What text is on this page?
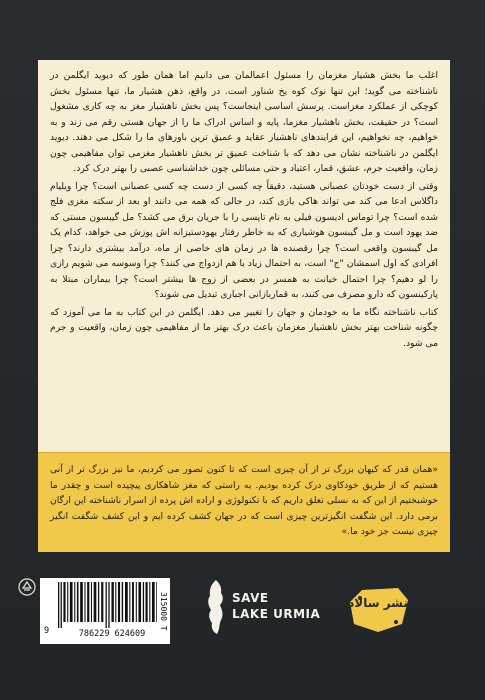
اغلب ما بخش هشیار مغزمان را مسئول اعمالمان می دانیم اما همان طور که دیوید ایگلمن در ناشناخته می گوید؛ این تنها نوک کوه یخ شناور است. در واقع، ذهن هشیار ما، تنها مسئول بخش کوچکی از عملکرد مغزاست. پرسش اساسی اینجاست؟ پس بخش ناهشیار مغز به چه کاری مشغول است؟ در حقیقت، بخش ناهشیار مغزما، پایه و اساس ادراک ما را از جهان هستی رقم می زند و به خواهیم، چه نخواهیم، این فرایندهای ناهشیار عقاید و عمیق ترین باورهای ما را شکل می دهند. دیوید ایگلمن در ناشناخته نشان می دهد که با شناخت عمیق تر بخش ناهشیار مغزمی توان مفاهیمی چون زمان، واقعیت جرم، عشق، قمار، اعتیاد و حتی مسائلی چون خداشناسی عصبی را بهتر درک کرد.

وقتی از دست خودتان عصبانی هستید، دقیقاً چه کسی از دست چه کسی عصبانی است؟ چرا ویلیام داگلاس ادعا می کند می تواند هاکی بازی کند، در حالی که همه می دانند او بعد از سکته مغزی فلج شده است؟ چرا توماس ادیسون فیلی به نام تاپسی را با جریان برق می کشد؟ مل گیبسون مستی که ضد یهود است و مل گیبسون هوشیاری که به خاطر رفتار یهودستیزانه اش پوزش می خواهد، کدام یک مل گیبسون واقعی است؟ چرا رقصنده ها در زمان های خاصی از ماه، درآمد بیشتری دارند؟ چرا افرادی که اول اسمشان "ج" است، به احتمال زیاد با هم ازدواج می کنند؟ چرا وسوسه می شویم رازی را لو دهیم؟ چرا احتمال خیانت به همسر در بعضی از زوج ها بیشتر است؟ چرا بیماران مبتلا به پارکینسون که دارو مصرف می کنند، به قماربازانی اجباری تبدیل می شوند؟

کتاب ناشناخته نگاه ما به خودمان و جهان را تغییر می دهد. ایگلمن در این کتاب به ما می آموزد که چگونه شناخت بهتر بخش ناهشیار مغزمان باعث درک بهتر ما از مفاهیمی چون زمان، واقعیت و جرم می شود.

«همان قدر که کیهان بزرگ تر از آن چیزی است که تا کنون تصور می کردیم، ما نیز بزرگ تر از آنی هستیم که از طریق خودکاوی درک کرده بودیم. به راستی که مغز شاهکاری پیچیده است و چقدر ما خوشبختیم از این که به نسلی تعلق داریم که با تکنولوژی و اراده اش پرده از اسرار ناشناخته این ارگان برمی دارد. این شگفت انگیزترین چیزی است که در جهان کشف کرده ایم و این کشف شگفت انگیز چیزی نیست جز خود ما.»

9	786229 624609
315000 T	SAVE
LAKE URMIA
نشر سالاد
